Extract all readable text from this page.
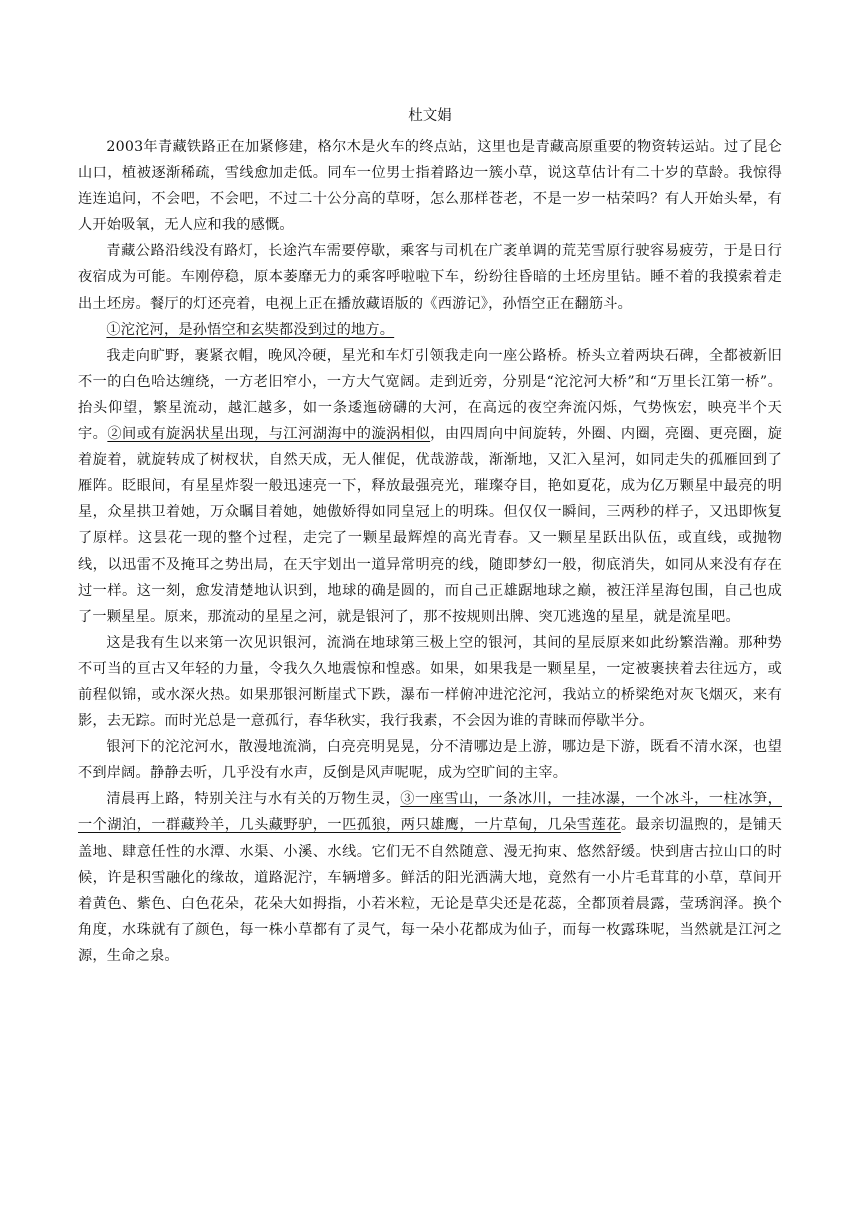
杜文娟

2003年青藏铁路正在加紧修建，格尔木是火车的终点站，这里也是青藏高原重要的物资转运站。过了昆仑山口，植被逐渐稀疏，雪线愈加走低。同车一位男士指着路边一簇小草，说这草估计有二十岁的草龄。我惊得连连追问，不会吧，不会吧，不过二十公分高的草呀，怎么那样苍老，不是一岁一枯荣吗？有人开始头晕，有人开始吸氧，无人应和我的感慨。

青藏公路沿线没有路灯，长途汽车需要停歇，乘客与司机在广袤单调的荒芜雪原行驶容易疲劳，于是日行夜宿成为可能。车刚停稳，原本萎靡无力的乘客呼啦啦下车，纷纷往昏暗的土坯房里钻。睡不着的我摸索着走出土坯房。餐厅的灯还亮着，电视上正在播放藏语版的《西游记》，孙悟空正在翻筋斗。

①沱沱河，是孙悟空和玄奘都没到过的地方。

我走向旷野，裹紧衣帽，晚风冷硬，星光和车灯引领我走向一座公路桥。桥头立着两块石碑，全都被新旧不一的白色哈达缠绕，一方老旧窄小，一方大气宽阔。走到近旁，分别是“沱沱河大桥”和“万里长江第一桥”。抬头仰望，繁星流动，越汇越多，如一条逶迤磅礴的大河，在高远的夜空奔流闪烁，气势恢宏，映亮半个天宇。②间或有旋涡状星出现，与江河湖海中的漩涡相似，由四周向中间旋转，外圈、内圈，亮圈、更亮圈，旋着旋着，就旋转成了树杈状，自然天成，无人催促，优哉游哉，渐渐地，又汇入星河，如同走失的孤雁回到了雁阵。眨眼间，有星星炸裂一般迅速亮一下，释放最强亮光，璀璨夺目，艳如夏花，成为亿万颗星中最亮的明星，众星拱卫着她，万众瞩目着她，她傲娇得如同皇冠上的明珠。但仅仅一瞬间，三两秒的样子，又迅即恢复了原样。这昙花一现的整个过程，走完了一颗星最辉煌的高光青春。又一颗星星跃出队伍，或直线，或抛物线，以迅雷不及掩耳之势出局，在天宇划出一道异常明亮的线，随即梦幻一般，彻底消失，如同从来没有存在过一样。这一刻，愈发清楚地认识到，地球的确是圆的，而自己正雄踞地球之巅，被汪洋星海包围，自己也成了一颗星星。原来，那流动的星星之河，就是银河了，那不按规则出牌、突兀逃逸的星星，就是流星吧。

这是我有生以来第一次见识银河，流淌在地球第三极上空的银河，其间的星辰原来如此纷繁浩瀚。那种势不可当的亘古又年轻的力量，令我久久地震惊和惶惑。如果，如果我是一颗星星，一定被裹挟着去往远方，或前程似锦，或水深火热。如果那银河断崖式下跌，瀑布一样俯冲进沱沱河，我站立的桥梁绝对灰飞烟灭，来有影，去无踪。而时光总是一意孤行，春华秋实，我行我素，不会因为谁的青睐而停歇半分。

银河下的沱沱河水，散漫地流淌，白亮亮明晃晃，分不清哪边是上游，哪边是下游，既看不清水深，也望不到岸阔。静静去听，几乎没有水声，反倒是风声呢呢，成为空旷间的主宰。

清晨再上路，特别关注与水有关的万物生灵，③一座雪山，一条冰川，一挂冰瀑，一个冰斗，一柱冰笋，一个湖泊，一群藏羚羊，几头藏野驴，一匹孤狼，两只雄鹰，一片草甸，几朵雪莲花。最亲切温煦的，是铺天盖地、肆意任性的水潭、水渠、小溪、水线。它们无不自然随意、漫无拘束、悠然舒缓。快到唐古拉山口的时候，许是积雪融化的缘故，道路泥泞，车辆增多。鲜活的阳光洒满大地，竟然有一小片毛茸茸的小草，草间开着黄色、紫色、白色花朵，花朵大如拇指，小若米粒，无论是草尖还是花蕊，全都顶着晨露，莹琇润泽。换个角度，水珠就有了颜色，每一株小草都有了灵气，每一朵小花都成为仙子，而每一枚露珠呢，当然就是江河之源，生命之泉。
